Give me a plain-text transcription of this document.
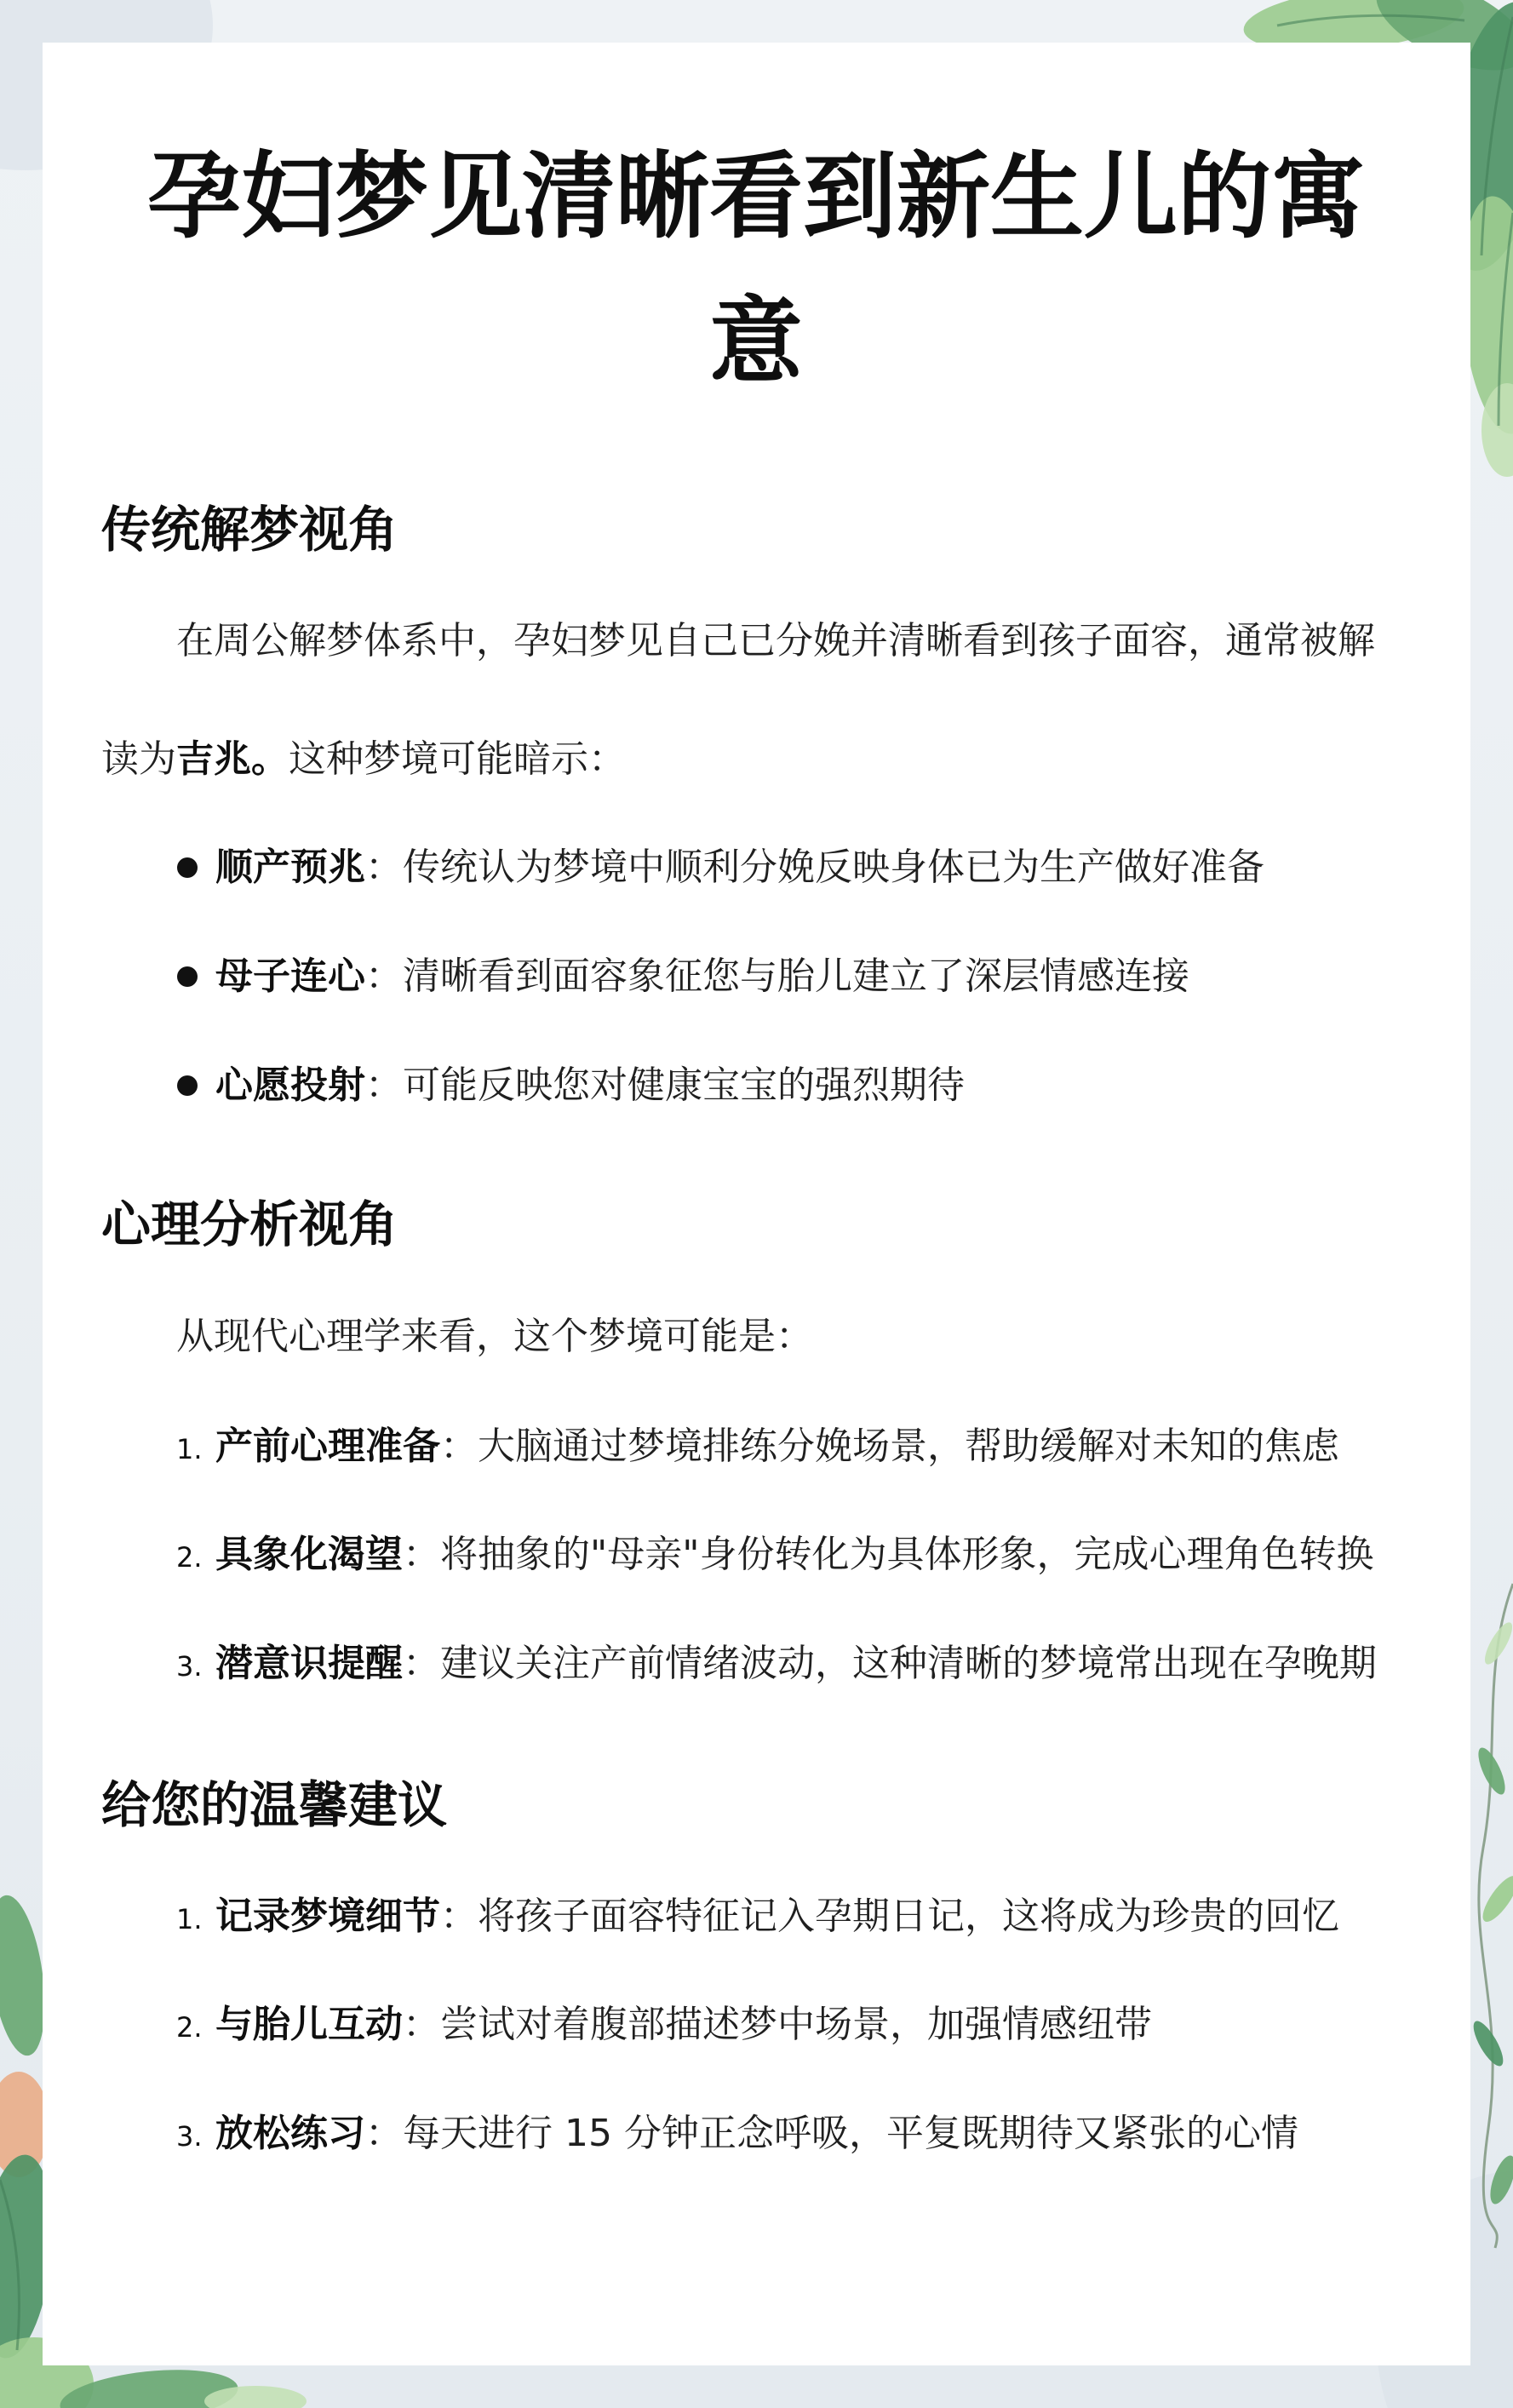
孕妇梦见清晰看到新生儿的寓意
传统解梦视角

在周公解梦体系中，孕妇梦见自己已分娩并清晰看到孩子面容，通常被解读为吉兆。这种梦境可能暗示：

顺产预兆 ：传统认为梦境中顺利分娩反映身体已为生产做好准备
母子连心 ：清晰看到面容象征您与胎儿建立了深层情感连接
心愿投射 ：可能反映您对健康宝宝的强烈期待
心理分析视角

从现代心理学来看，这个梦境可能是：

1. 产前心理准备 ：大脑通过梦境排练分娩场景，帮助缓解对未知的焦虑
2. 具象化渴望 ：将抽象的"母亲"身份转化为具体形象，完成心理角色转换
3. 潜意识提醒 ：建议关注产前情绪波动，这种清晰的梦境常出现在孕晚期
给您的温馨建议
1. 记录梦境细节 ：将孩子面容特征记入孕期日记，这将成为珍贵的回忆
2. 与胎儿互动 ：尝试对着腹部描述梦中场景，加强情感纽带
3. 放松练习 ：每天进行 15 分钟正念呼吸，平复既期待又紧张的心情
